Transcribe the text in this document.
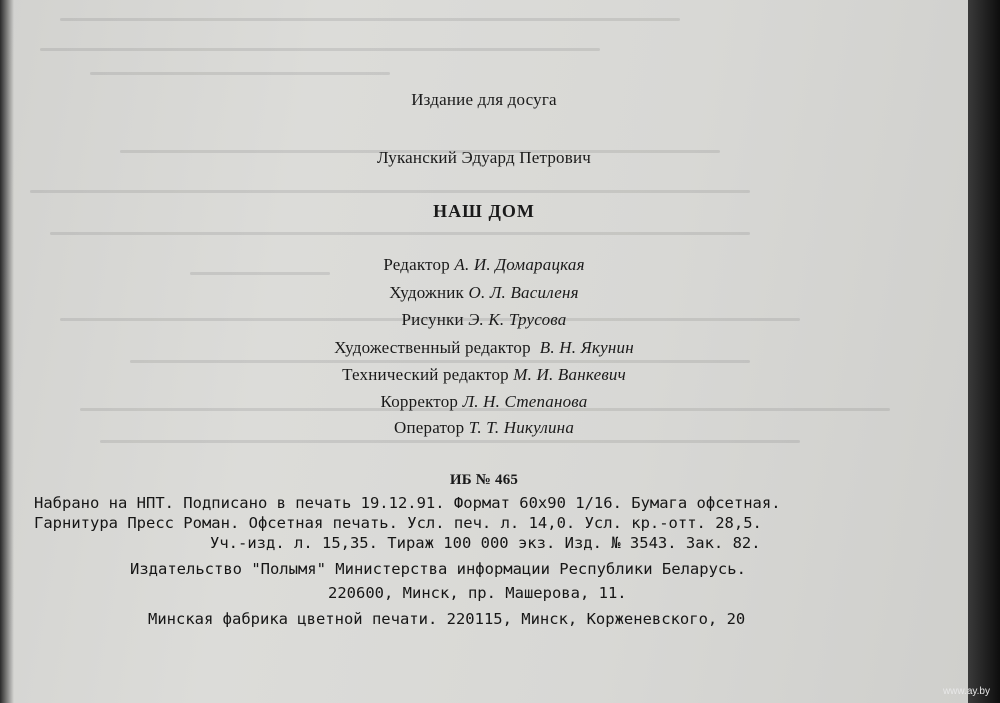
Издание для досуга
Луканский Эдуард Петрович
НАШ ДОМ
Редактор А. И. Домарацкая
Художник О. Л. Василеня
Рисунки Э. К. Трусова
Художественный редактор В. Н. Якунин
Технический редактор М. И. Ванкевич
Корректор Л. Н. Степанова
Оператор Т. Т. Никулина
ИБ № 465
Набрано на НПТ. Подписано в печать 19.12.91. Формат 60х90 1/16. Бумага офсетная.
Гарнитура Пресс Роман. Офсетная печать. Усл. печ. л. 14,0. Усл. кр.-отт. 28,5.
Уч.-изд. л. 15,35. Тираж 100 000 экз. Изд. № 3543. Зак. 82.
Издательство "Полымя" Министерства информации Республики Беларусь.
220600, Минск, пр. Машерова, 11.
Минская фабрика цветной печати. 220115, Минск, Корженевского, 20
www.ay.by
